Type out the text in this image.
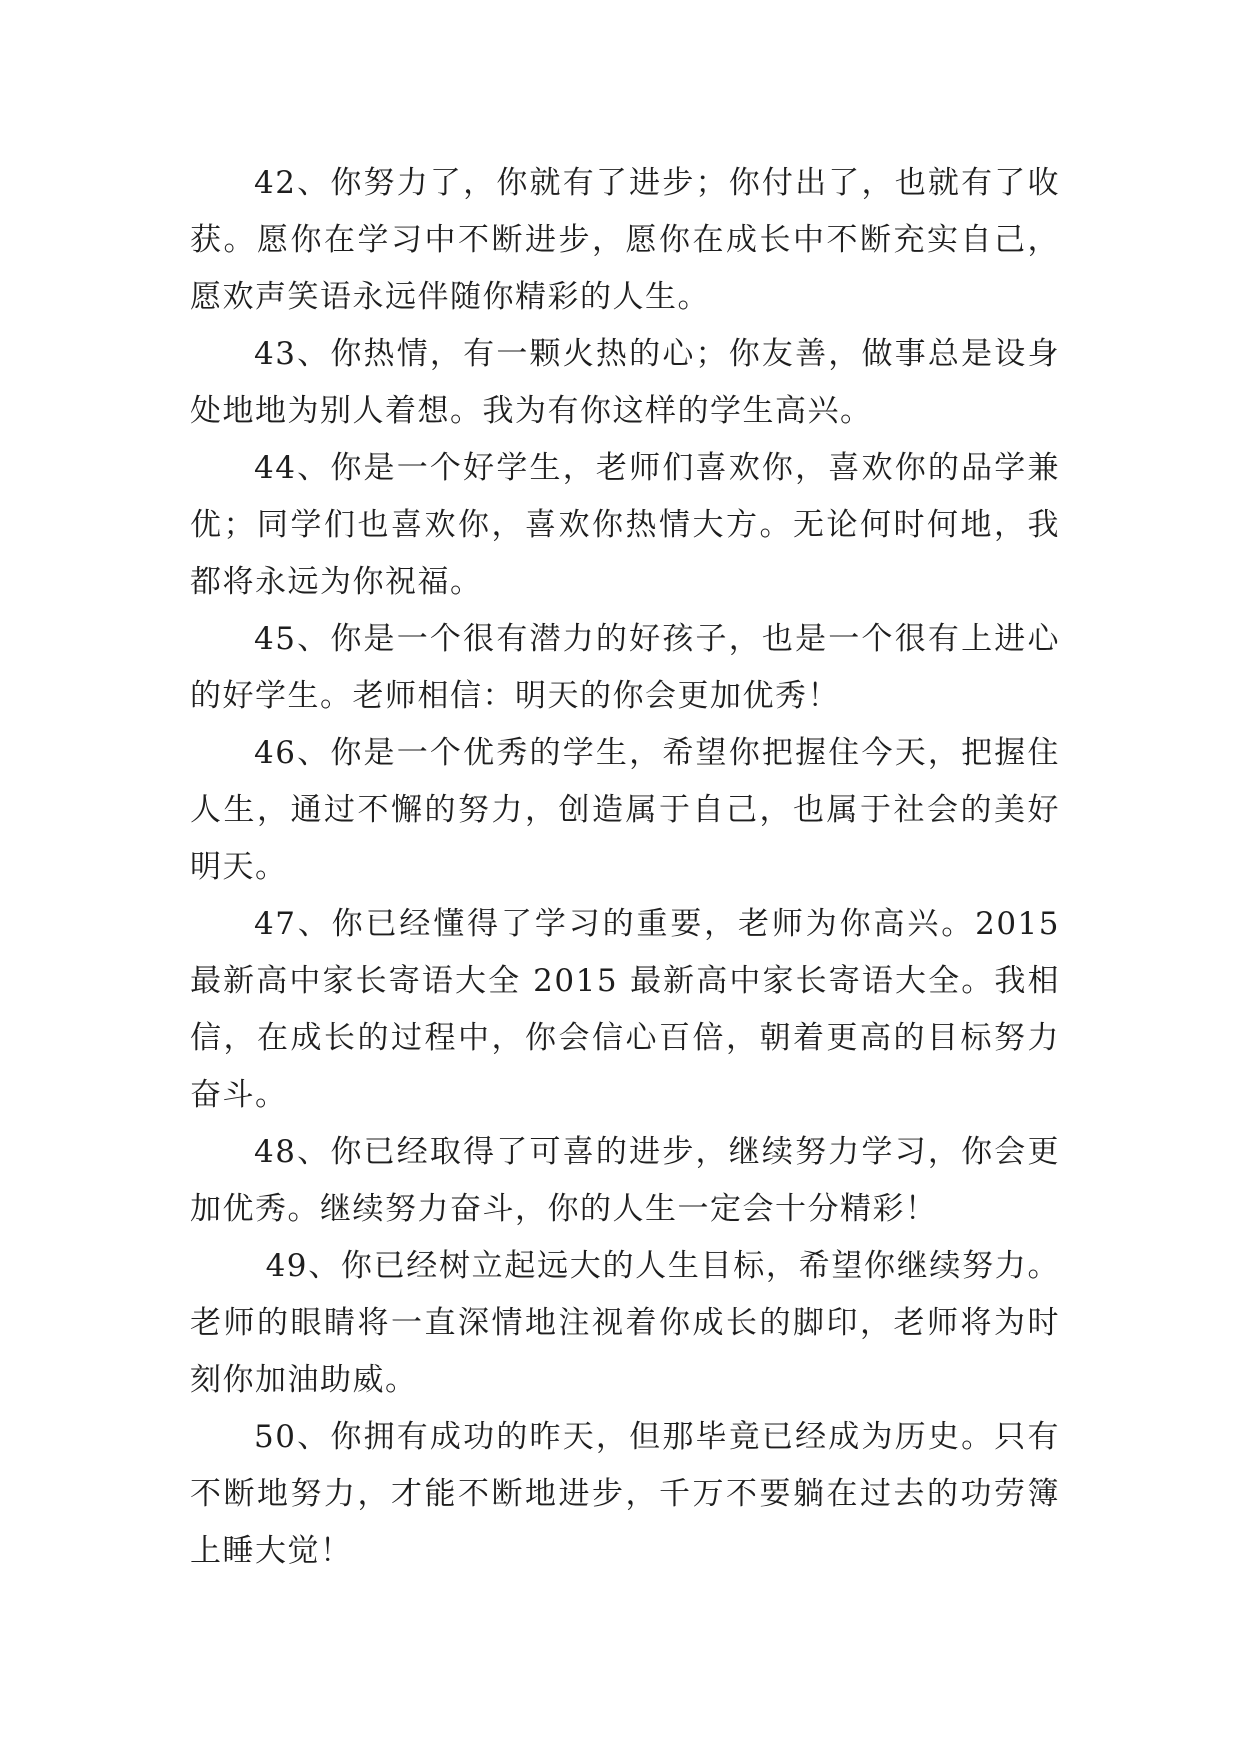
42、你努力了，你就有了进步；你付出了，也就有了收获。愿你在学习中不断进步，愿你在成长中不断充实自己，愿欢声笑语永远伴随你精彩的人生。

43、你热情，有一颗火热的心；你友善，做事总是设身处地地为别人着想。我为有你这样的学生高兴。

44、你是一个好学生，老师们喜欢你，喜欢你的品学兼优；同学们也喜欢你，喜欢你热情大方。无论何时何地，我都将永远为你祝福。

45、你是一个很有潜力的好孩子，也是一个很有上进心的好学生。老师相信：明天的你会更加优秀！

46、你是一个优秀的学生，希望你把握住今天，把握住人生，通过不懈的努力，创造属于自己，也属于社会的美好明天。

47、你已经懂得了学习的重要，老师为你高兴。2015 最新高中家长寄语大全 2015 最新高中家长寄语大全。我相信，在成长的过程中，你会信心百倍，朝着更高的目标努力奋斗。

48、你已经取得了可喜的进步，继续努力学习，你会更加优秀。继续努力奋斗，你的人生一定会十分精彩！

49、你已经树立起远大的人生目标，希望你继续努力。老师的眼睛将一直深情地注视着你成长的脚印，老师将为时刻你加油助威。

50、你拥有成功的昨天，但那毕竟已经成为历史。只有不断地努力，才能不断地进步，千万不要躺在过去的功劳簿上睡大觉！
